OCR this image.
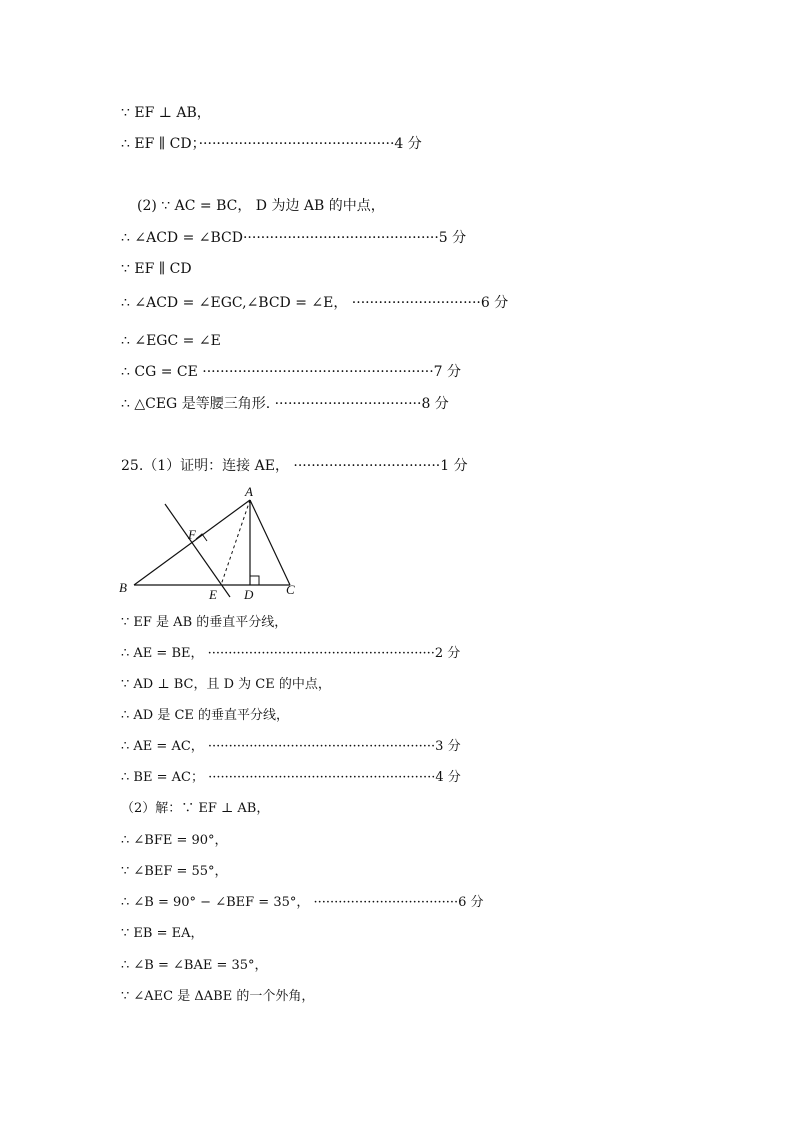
∵ EF ⊥ AB，
∴ EF ∥ CD；············································4 分
(2) ∵ AC = BC， D 为边 AB 的中点，
∴ ∠ACD = ∠BCD············································5 分
∵ EF ∥ CD
∴ ∠ACD = ∠EGC,∠BCD = ∠E， ·····························6 分
∴ ∠EGC = ∠E
∴ CG = CE ····················································7 分
∴ △CEG 是等腰三角形. ·································8 分
25.（1）证明：连接 AE， ·································1 分
A
B	C
D
E
F
∵ EF 是 AB 的垂直平分线，
∴ AE = BE， ·······················································2 分
∵ AD ⊥ BC，且 D 为 CE 的中点，
∴ AD 是 CE 的垂直平分线，
∴ AE = AC， ·······················································3 分
∴ BE = AC； ·······················································4 分
（2）解：∵ EF ⊥ AB，
∴ ∠BFE = 90°，
∵ ∠BEF = 55°，
∴ ∠B = 90° − ∠BEF = 35°， ···································6 分
∵ EB = EA，
∴ ∠B = ∠BAE = 35°，
∵ ∠AEC 是 ΔABE 的一个外角，
